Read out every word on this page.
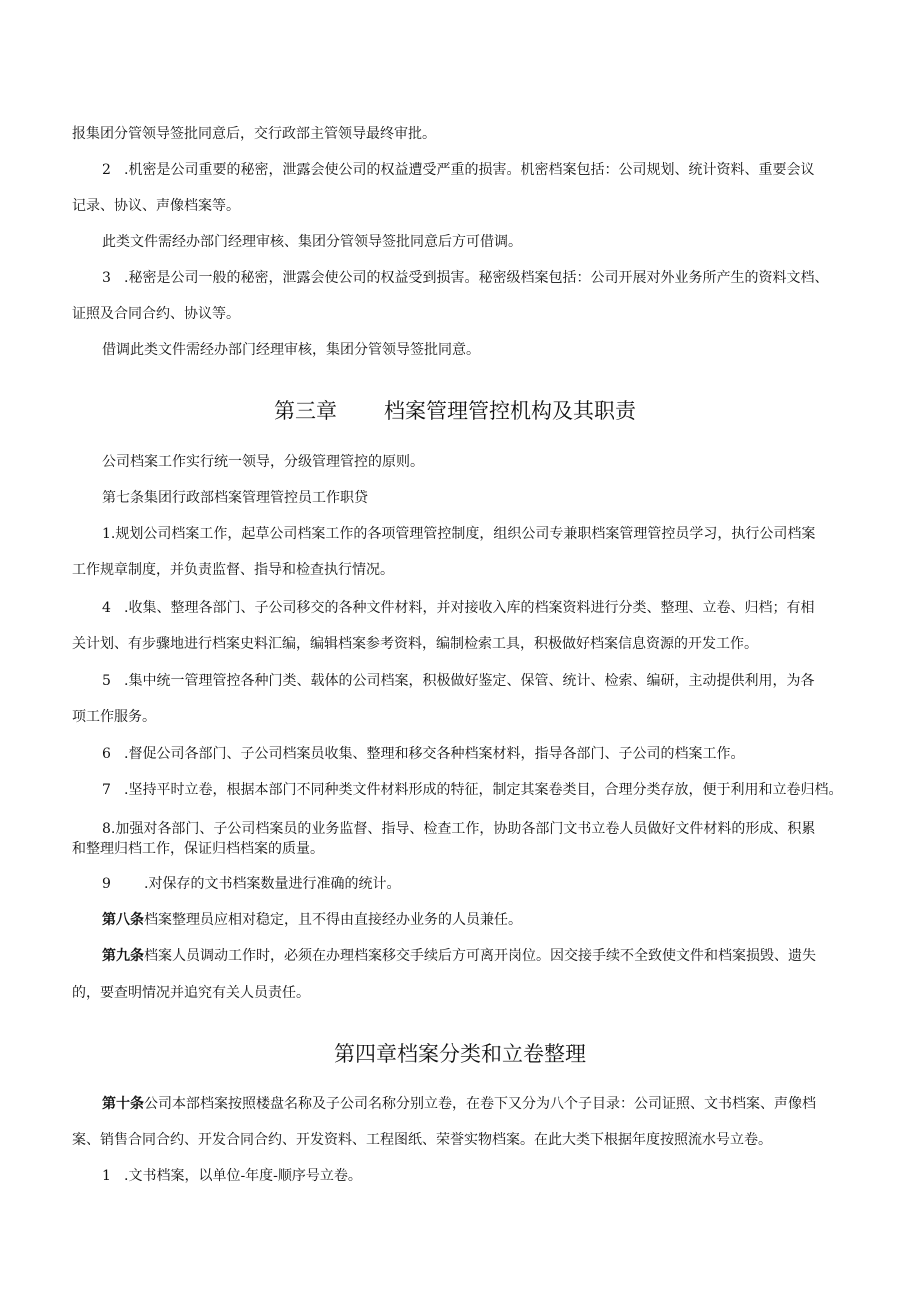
报集团分管领导签批同意后，交行政部主管领导最终审批。
2 .机密是公司重要的秘密，泄露会使公司的权益遭受严重的损害。机密档案包括：公司规划、统计资料、重要会议
记录、协议、声像档案等。
此类文件需经办部门经理审核、集团分管领导签批同意后方可借调。
3 .秘密是公司一般的秘密，泄露会使公司的权益受到损害。秘密级档案包括：公司开展对外业务所产生的资料文档、
证照及合同合约、协议等。
借调此类文件需经办部门经理审核，集团分管领导签批同意。
第三章 档案管理管控机构及其职责
公司档案工作实行统一领导，分级管理管控的原则。
第七条集团行政部档案管理管控员工作职贷
1.规划公司档案工作，起草公司档案工作的各项管理管控制度，组织公司专兼职档案管理管控员学习，执行公司档案
工作规章制度，并负责监督、指导和检查执行情况。
4 .收集、整理各部门、子公司移交的各种文件材料，并对接收入库的档案资料进行分类、整理、立卷、归档；有相
关计划、有步骤地进行档案史料汇编，编辑档案参考资料，编制检索工具，积极做好档案信息资源的开发工作。
5 .集中统一管理管控各种门类、载体的公司档案，积极做好鉴定、保管、统计、检索、编研，主动提供利用，为各
项工作服务。
6 .督促公司各部门、子公司档案员收集、整理和移交各种档案材料，指导各部门、子公司的档案工作。
7 .坚持平时立卷，根据本部门不同种类文件材料形成的特征，制定其案卷类目，合理分类存放，便于利用和立卷归档。
8.加强对各部门、子公司档案员的业务监督、指导、检查工作，协助各部门文书立卷人员做好文件材料的形成、积累
和整理归档工作，保证归档档案的质量。
9 .对保存的文书档案数量进行准确的统计。
第八条档案整理员应相对稳定，且不得由直接经办业务的人员兼任。
第九条档案人员调动工作时，必须在办理档案移交手续后方可离开岗位。因交接手续不全致使文件和档案损毁、遗失
的，要查明情况并追究有关人员责任。
第四章档案分类和立卷整理
第十条公司本部档案按照楼盘名称及子公司名称分别立卷，在卷下又分为八个子目录：公司证照、文书档案、声像档
案、销售合同合约、开发合同合约、开发资料、工程图纸、荣誉实物档案。在此大类下根据年度按照流水号立卷。
1 .文书档案，以单位-年度-顺序号立卷。
